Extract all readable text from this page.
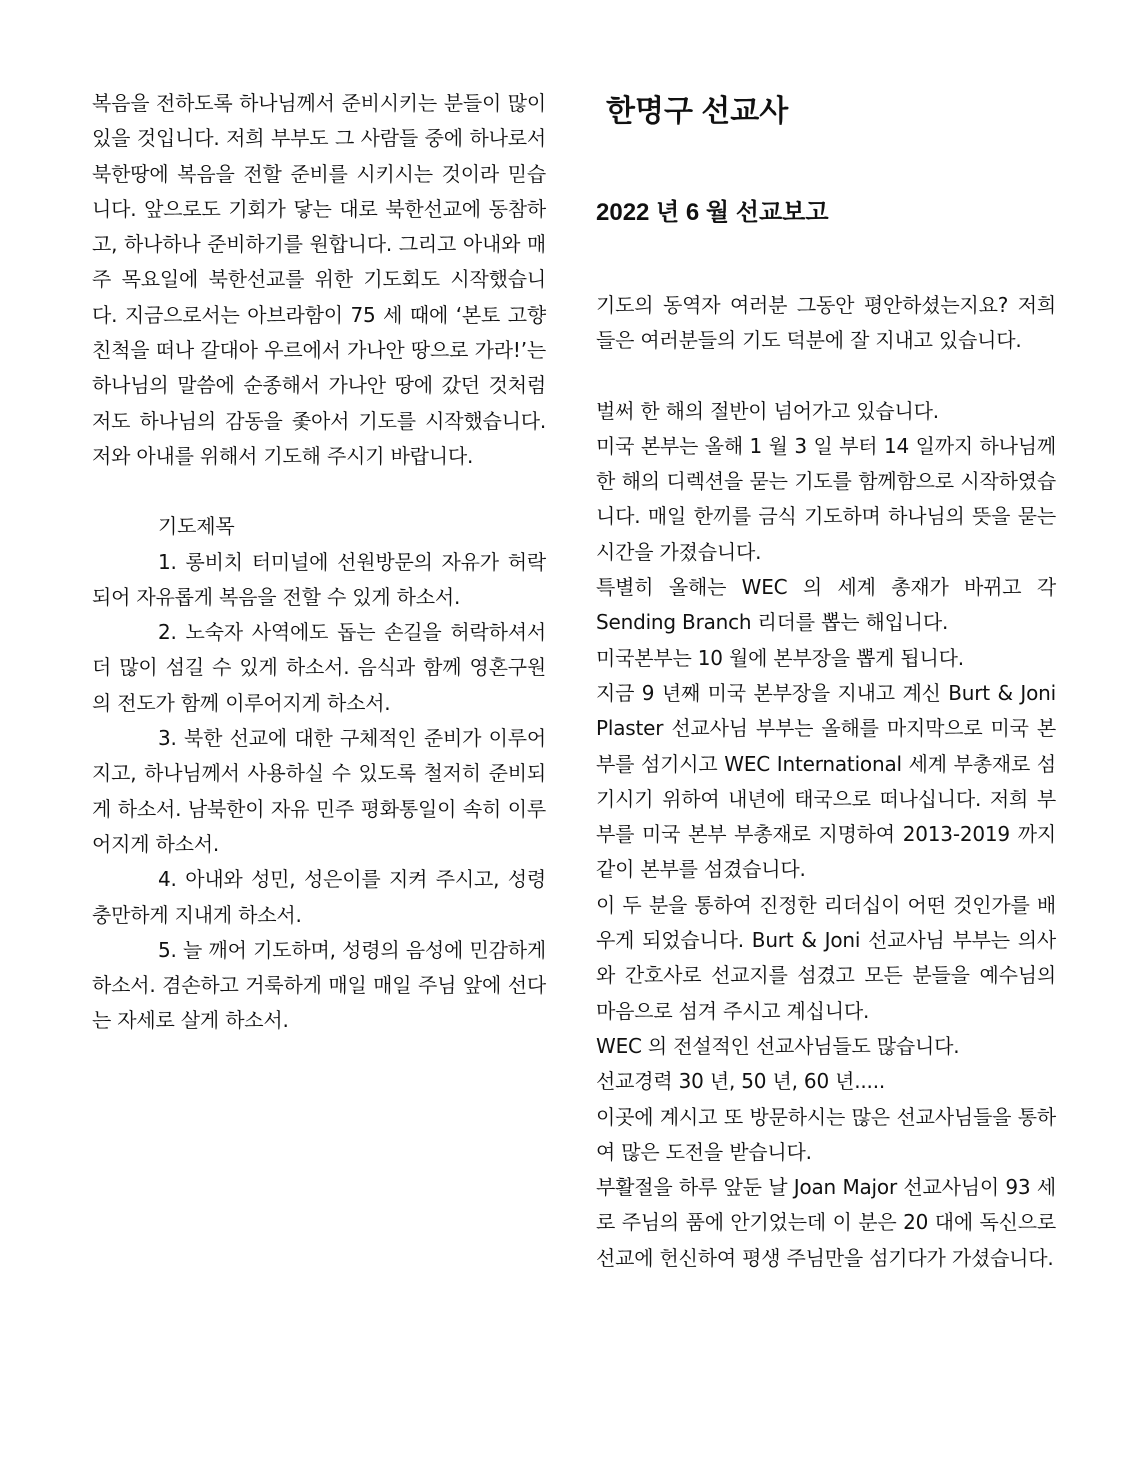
복음을 전하도록 하나님께서 준비시키는 분들이 많이 있을 것입니다. 저희 부부도 그 사람들 중에 하나로서 북한땅에 복음을 전할 준비를 시키시는 것이라 믿습니다. 앞으로도 기회가 닿는 대로 북한선교에 동참하고, 하나하나 준비하기를 원합니다. 그리고 아내와 매주 목요일에 북한선교를 위한 기도회도 시작했습니다. 지금으로서는 아브라함이 75 세 때에 ‘본토 고향 친척을 떠나 갈대아 우르에서 가나안 땅으로 가라!’는 하나님의 말씀에 순종해서 가나안 땅에 갔던 것처럼 저도 하나님의 감동을 좇아서 기도를 시작했습니다. 저와 아내를 위해서 기도해 주시기 바랍니다.

기도제목

1. 롱비치 터미널에 선원방문의 자유가 허락되어 자유롭게 복음을 전할 수 있게 하소서.

2. 노숙자 사역에도 돕는 손길을 허락하셔서 더 많이 섬길 수 있게 하소서. 음식과 함께 영혼구원의 전도가 함께 이루어지게 하소서.

3. 북한 선교에 대한 구체적인 준비가 이루어지고, 하나님께서 사용하실 수 있도록 철저히 준비되게 하소서. 남북한이 자유 민주 평화통일이 속히 이루어지게 하소서.

4. 아내와 성민, 성은이를 지켜 주시고, 성령 충만하게 지내게 하소서.

5. 늘 깨어 기도하며, 성령의 음성에 민감하게 하소서. 겸손하고 거룩하게 매일 매일 주님 앞에 선다는 자세로 살게 하소서.

한명구 선교사
2022 년 6 월 선교보고

기도의 동역자 여러분 그동안 평안하셨는지요? 저희들은 여러분들의 기도 덕분에 잘 지내고 있습니다.

벌써 한 해의 절반이 넘어가고 있습니다.

미국 본부는 올해 1 월 3 일 부터 14 일까지 하나님께 한 해의 디렉션을 묻는 기도를 함께함으로 시작하였습니다. 매일 한끼를 금식 기도하며 하나님의 뜻을 묻는 시간을 가졌습니다.

특별히 올해는 WEC 의 세계 총재가 바뀌고 각 Sending Branch 리더를 뽑는 해입니다.

미국본부는 10 월에 본부장을 뽑게 됩니다.

지금 9 년째 미국 본부장을 지내고 계신 Burt & Joni Plaster 선교사님 부부는 올해를 마지막으로 미국 본부를 섬기시고 WEC International 세계 부총재로 섬기시기 위하여 내년에 태국으로 떠나십니다. 저희 부부를 미국 본부 부총재로 지명하여 2013-2019 까지 같이 본부를 섬겼습니다.

이 두 분을 통하여 진정한 리더십이 어떤 것인가를 배우게 되었습니다. Burt & Joni 선교사님 부부는 의사와 간호사로 선교지를 섬겼고 모든 분들을 예수님의 마음으로 섬겨 주시고 계십니다.

WEC 의 전설적인 선교사님들도 많습니다.

선교경력 30 년, 50 년, 60 년.....

이곳에 계시고 또 방문하시는 많은 선교사님들을 통하여 많은 도전을 받습니다.

부활절을 하루 앞둔 날 Joan Major 선교사님이 93 세로 주님의 품에 안기었는데 이 분은 20 대에 독신으로 선교에 헌신하여 평생 주님만을 섬기다가 가셨습니다.
